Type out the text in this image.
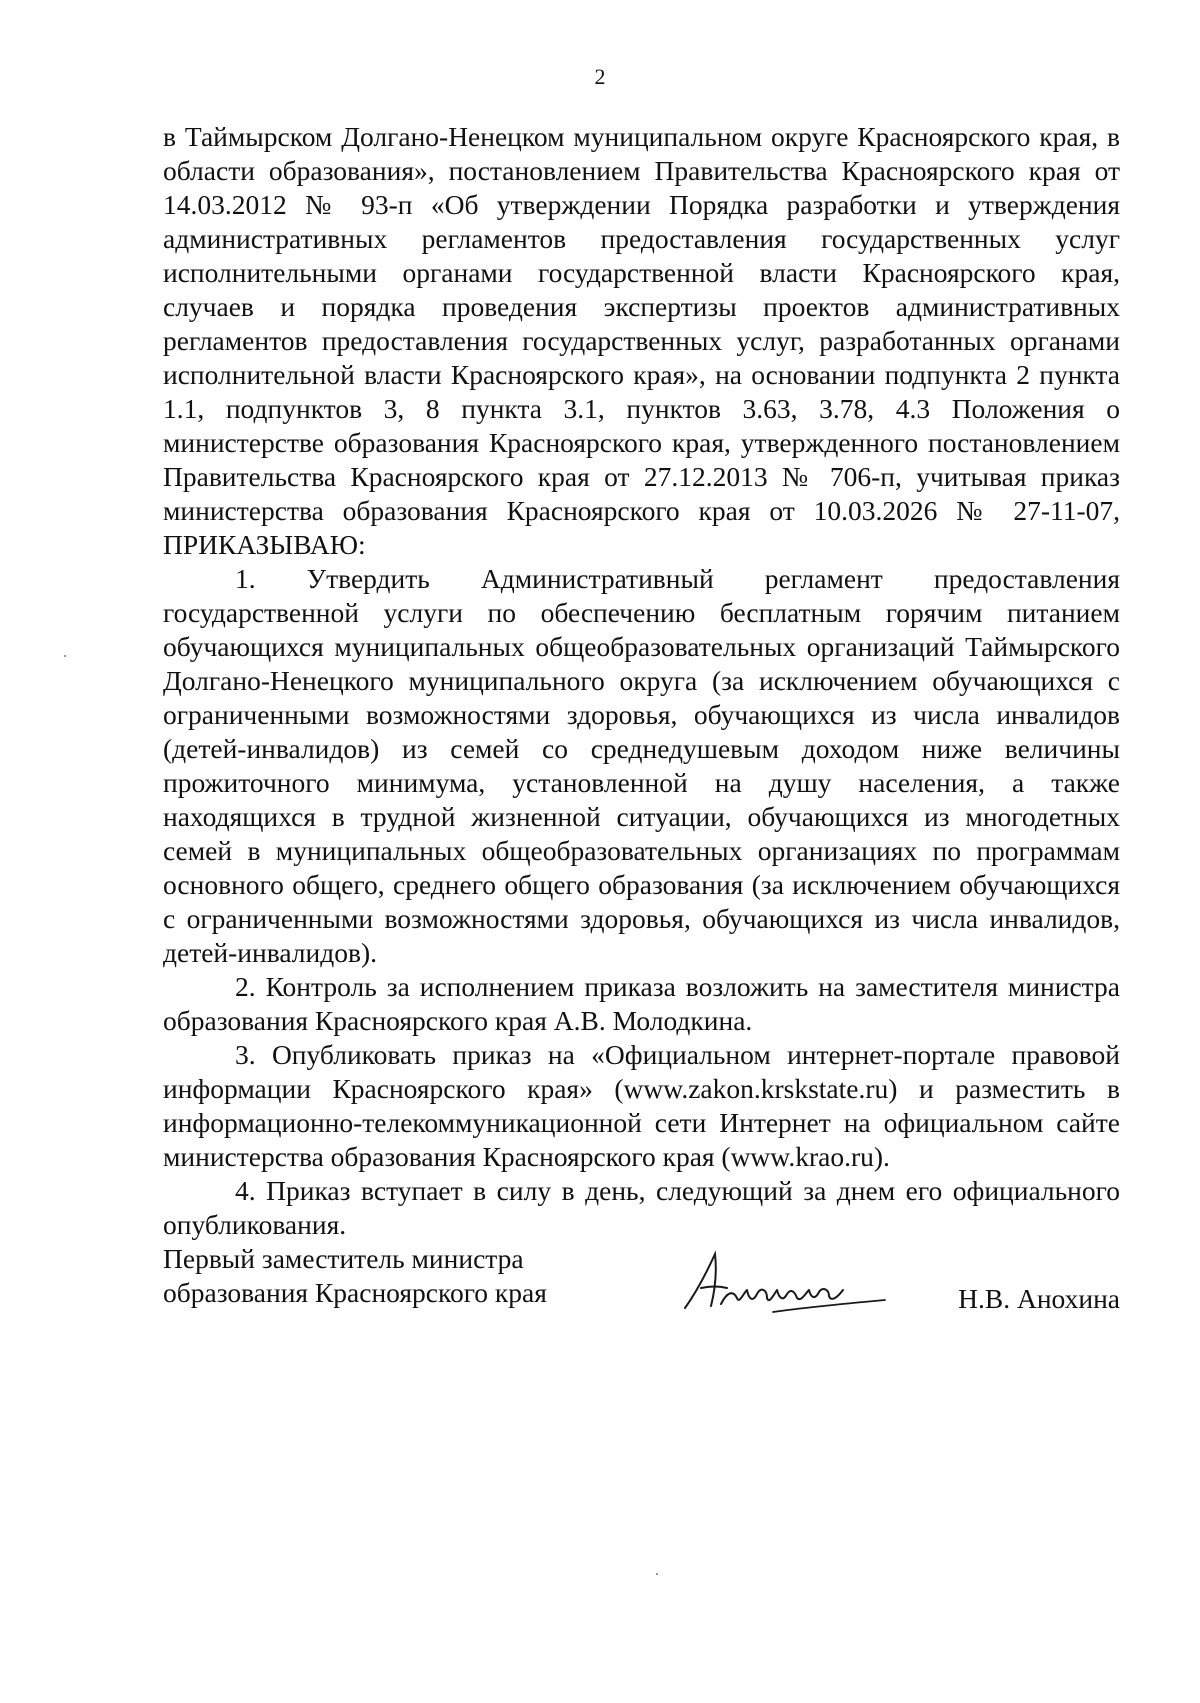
2

в Таймырском Долгано-Ненецком муниципальном округе Красноярского края, в области образования», постановлением Правительства Красноярского края от 14.03.2012 № 93-п «Об утверждении Порядка разработки и утверждения административных регламентов предоставления государственных услуг исполнительными органами государственной власти Красноярского края, случаев и порядка проведения экспертизы проектов административных регламентов предоставления государственных услуг, разработанных органами исполнительной власти Красноярского края», на основании подпункта 2 пункта 1.1, подпунктов 3, 8 пункта 3.1, пунктов 3.63, 3.78, 4.3 Положения о министерстве образования Красноярского края, утвержденного постановлением Правительства Красноярского края от 27.12.2013 № 706-п, учитывая приказ министерства образования Красноярского края от 10.03.2026 № 27-11-07, ПРИКАЗЫВАЮ:

1. Утвердить Административный регламент предоставления государственной услуги по обеспечению бесплатным горячим питанием обучающихся муниципальных общеобразовательных организаций Таймырского Долгано-Ненецкого муниципального округа (за исключением обучающихся с ограниченными возможностями здоровья, обучающихся из числа инвалидов (детей-инвалидов) из семей со среднедушевым доходом ниже величины прожиточного минимума, установленной на душу населения, а также находящихся в трудной жизненной ситуации, обучающихся из многодетных семей в муниципальных общеобразовательных организациях по программам основного общего, среднего общего образования (за исключением обучающихся с ограниченными возможностями здоровья, обучающихся из числа инвалидов, детей-инвалидов).

2. Контроль за исполнением приказа возложить на заместителя министра образования Красноярского края А.В. Молодкина.

3. Опубликовать приказ на «Официальном интернет-портале правовой информации Красноярского края» (www.zakon.krskstate.ru) и разместить в информационно-телекоммуникационной сети Интернет на официальном сайте министерства образования Красноярского края (www.krao.ru).

4. Приказ вступает в силу в день, следующий за днем его официального опубликования.

Первый заместитель министра
образования Красноярского края	Н.В. Анохина
